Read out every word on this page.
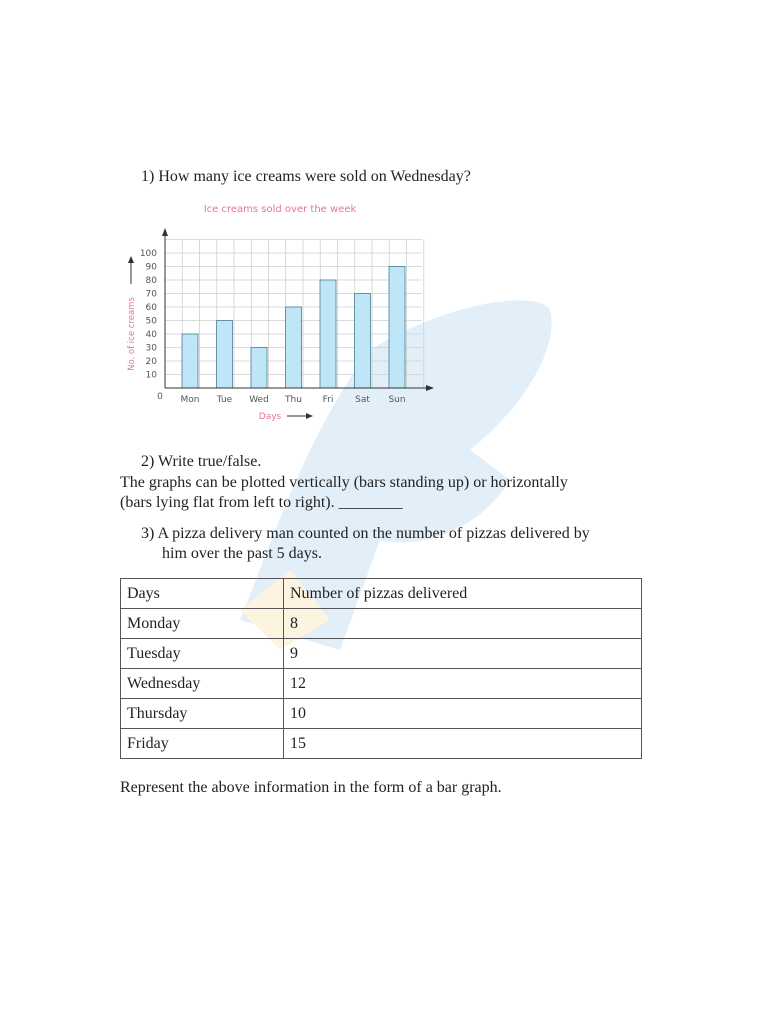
1) How many ice creams were sold on Wednesday?
Ice creams sold over the week
10
20
30
40
50
60
70
80
90
100
Mon Tue Wed Thu Fri Sat Sun
0
No. of ice creams
Days
2) Write true/false.
The graphs can be plotted vertically (bars standing up) or horizontally
(bars lying flat from left to right). ________
3) A pizza delivery man counted on the number of pizzas delivered by
him over the past 5 days.
Days	Number of pizzas delivered
Monday	8
Tuesday	9
Wednesday	12
Thursday	10
Friday	15
Represent the above information in the form of a bar graph.
